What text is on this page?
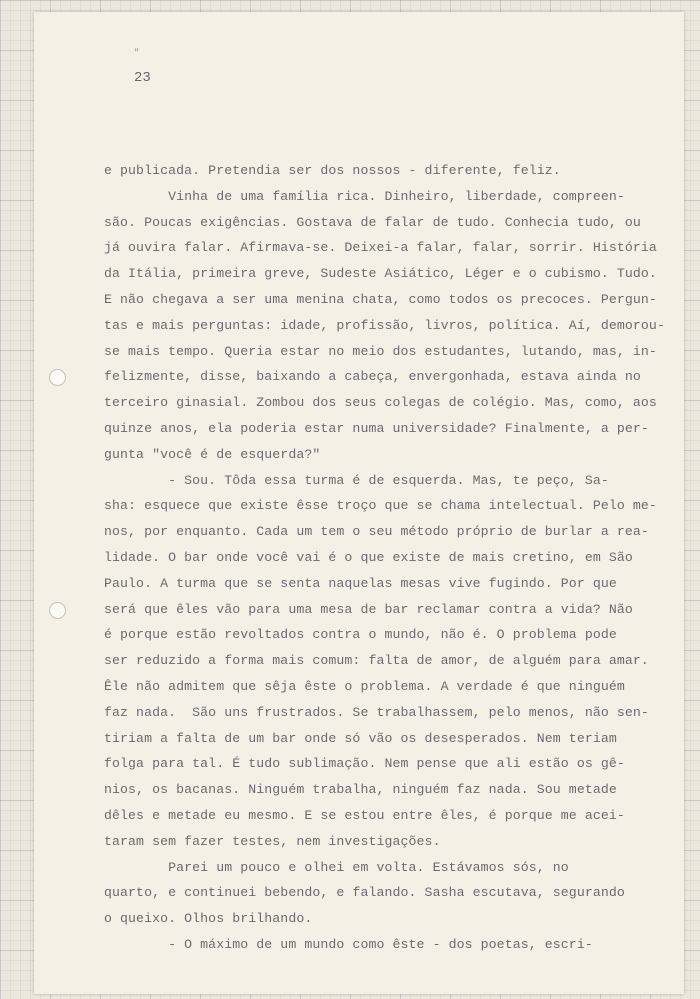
"
23
e publicada. Pretendia ser dos nossos - diferente, feliz.
Vinha de uma família rica. Dinheiro, liberdade, compreen-
são. Poucas exigências. Gostava de falar de tudo. Conhecia tudo, ou
já ouvira falar. Afirmava-se. Deixei-a falar, falar, sorrir. História
da Itália, primeira greve, Sudeste Asiático, Léger e o cubismo. Tudo.
E não chegava a ser uma menina chata, como todos os precoces. Pergun-
tas e mais perguntas: idade, profissão, livros, política. Aí, demorou-
se mais tempo. Queria estar no meio dos estudantes, lutando, mas, in-
felizmente, disse, baixando a cabeça, envergonhada, estava ainda no
terceiro ginasial. Zombou dos seus colegas de colégio. Mas, como, aos
quinze anos, ela poderia estar numa universidade? Finalmente, a per-
gunta "você é de esquerda?"
- Sou. Tôda essa turma é de esquerda. Mas, te peço, Sa-
sha: esquece que existe êsse troço que se chama intelectual. Pelo me-
nos, por enquanto. Cada um tem o seu método próprio de burlar a rea-
lidade. O bar onde você vai é o que existe de mais cretino, em São
Paulo. A turma que se senta naquelas mesas vive fugindo. Por que
será que êles vão para uma mesa de bar reclamar contra a vida? Não
é porque estão revoltados contra o mundo, não é. O problema pode
ser reduzido a forma mais comum: falta de amor, de alguém para amar.
Êle não admitem que sêja êste o problema. A verdade é que ninguém
faz nada.  São uns frustrados. Se trabalhassem, pelo menos, não sen-
tiriam a falta de um bar onde só vão os desesperados. Nem teriam
folga para tal. É tudo sublimação. Nem pense que ali estão os gê-
nios, os bacanas. Ninguém trabalha, ninguém faz nada. Sou metade
dêles e metade eu mesmo. E se estou entre êles, é porque me acei-
taram sem fazer testes, nem investigações.
Parei um pouco e olhei em volta. Estávamos sós, no
quarto, e continuei bebendo, e falando. Sasha escutava, segurando
o queixo. Olhos brilhando.
- O máximo de um mundo como êste - dos poetas, escri-
